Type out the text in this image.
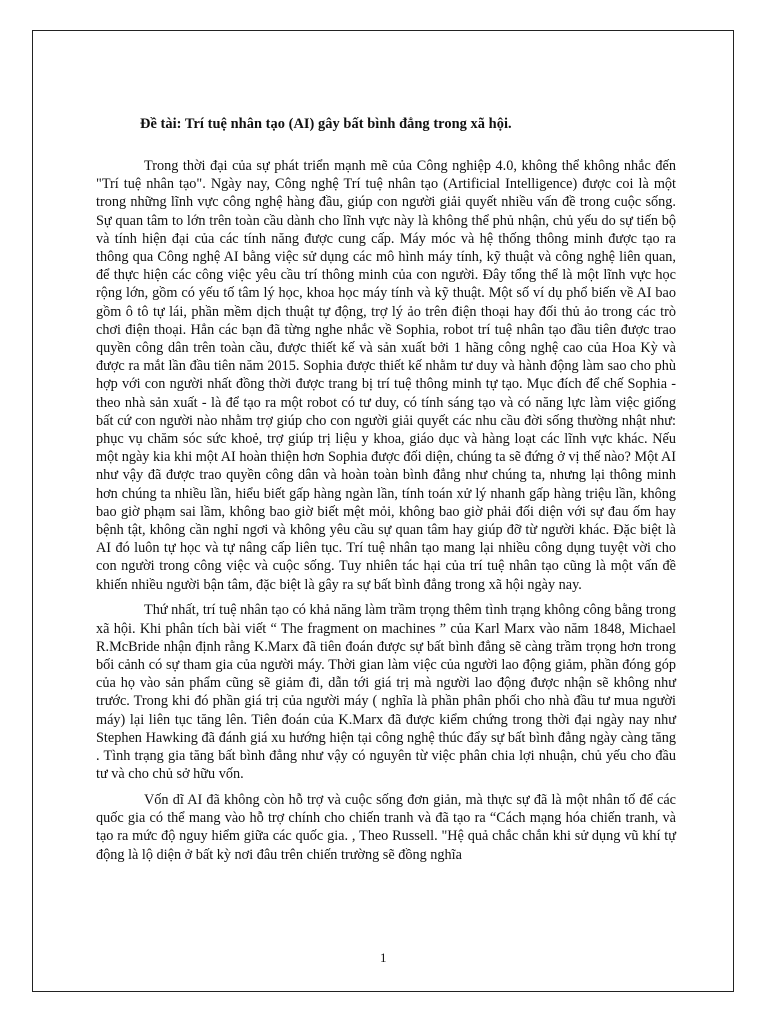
Đề tài: Trí tuệ nhân tạo (AI) gây bất bình đẳng trong xã hội.

Trong thời đại của sự phát triển mạnh mẽ của Công nghiệp 4.0, không thể không nhắc đến "Trí tuệ nhân tạo". Ngày nay, Công nghệ Trí tuệ nhân tạo (Artificial Intelligence) được coi là một trong những lĩnh vực công nghệ hàng đầu, giúp con người giải quyết nhiều vấn đề trong cuộc sống. Sự quan tâm to lớn trên toàn cầu dành cho lĩnh vực này là không thể phủ nhận, chủ yếu do sự tiến bộ và tính hiện đại của các tính năng được cung cấp. Máy móc và hệ thống thông minh được tạo ra thông qua Công nghệ AI bằng việc sử dụng các mô hình máy tính, kỹ thuật và công nghệ liên quan, để thực hiện các công việc yêu cầu trí thông minh của con người. Đây tổng thể là một lĩnh vực học rộng lớn, gồm có yếu tố tâm lý học, khoa học máy tính và kỹ thuật. Một số ví dụ phổ biến về AI bao gồm ô tô tự lái, phần mềm dịch thuật tự động, trợ lý ảo trên điện thoại hay đối thủ ảo trong các trò chơi điện thoại. Hẳn các bạn đã từng nghe nhắc về Sophia, robot trí tuệ nhân tạo đầu tiên được trao quyền công dân trên toàn cầu, được thiết kế và sản xuất bởi 1 hãng công nghệ cao của Hoa Kỳ và được ra mắt lần đầu tiên năm 2015. Sophia được thiết kế nhằm tư duy và hành động làm sao cho phù hợp với con người nhất đồng thời được trang bị trí tuệ thông minh tự tạo. Mục đích để chế Sophia - theo nhà sản xuất - là để tạo ra một robot có tư duy, có tính sáng tạo và có năng lực làm việc giống bất cứ con người nào nhằm trợ giúp cho con người giải quyết các nhu cầu đời sống thường nhật như: phục vụ chăm sóc sức khoẻ, trợ giúp trị liệu y khoa, giáo dục và hàng loạt các lĩnh vực khác. Nếu một ngày kia khi một AI hoàn thiện hơn Sophia được đối diện, chúng ta sẽ đứng ở vị thế nào? Một AI như vậy đã được trao quyền công dân và hoàn toàn bình đẳng như chúng ta, nhưng lại thông minh hơn chúng ta nhiều lần, hiểu biết gấp hàng ngàn lần, tính toán xử lý nhanh gấp hàng triệu lần, không bao giờ phạm sai lầm, không bao giờ biết mệt mỏi, không bao giờ phải đối diện với sự đau ốm hay bệnh tật, không cần nghỉ ngơi và không yêu cầu sự quan tâm hay giúp đỡ từ người khác. Đặc biệt là AI đó luôn tự học và tự nâng cấp liên tục. Trí tuệ nhân tạo mang lại nhiều công dụng tuyệt vời cho con người trong công việc và cuộc sống. Tuy nhiên tác hại của trí tuệ nhân tạo cũng là một vấn đề khiến nhiều người bận tâm, đặc biệt là gây ra sự bất bình đẳng trong xã hội ngày nay.

Thứ nhất, trí tuệ nhân tạo có khả năng làm trầm trọng thêm tình trạng không công bằng trong xã hội. Khi phân tích bài viết “ The fragment on machines ” của Karl Marx vào năm 1848, Michael R.McBride nhận định rằng K.Marx đã tiên đoán được sự bất bình đẳng sẽ càng trầm trọng hơn trong bối cảnh có sự tham gia của người máy. Thời gian làm việc của người lao động giảm, phần đóng góp của họ vào sản phẩm cũng sẽ giảm đi, dẫn tới giá trị mà người lao động được nhận sẽ không như trước. Trong khi đó phần giá trị của người máy ( nghĩa là phần phân phối cho nhà đầu tư mua người máy) lại liên tục tăng lên. Tiên đoán của K.Marx đã được kiểm chứng trong thời đại ngày nay như Stephen Hawking đã đánh giá xu hướng hiện tại công nghệ thúc đẩy sự bất bình đẳng ngày càng tăng . Tình trạng gia tăng bất bình đẳng như vậy có nguyên từ việc phân chia lợi nhuận, chủ yếu cho đầu tư và cho chủ sở hữu vốn.

Vốn dĩ AI đã không còn hỗ trợ và cuộc sống đơn giản, mà thực sự đã là một nhân tố để các quốc gia có thể mang vào hỗ trợ chính cho chiến tranh và đã tạo ra “Cách mạng hóa chiến tranh, và tạo ra mức độ nguy hiểm giữa các quốc gia. , Theo Russell. "Hệ quả chắc chắn khi sử dụng vũ khí tự động là lộ diện ở bất kỳ nơi đâu trên chiến trường sẽ đồng nghĩa

1
